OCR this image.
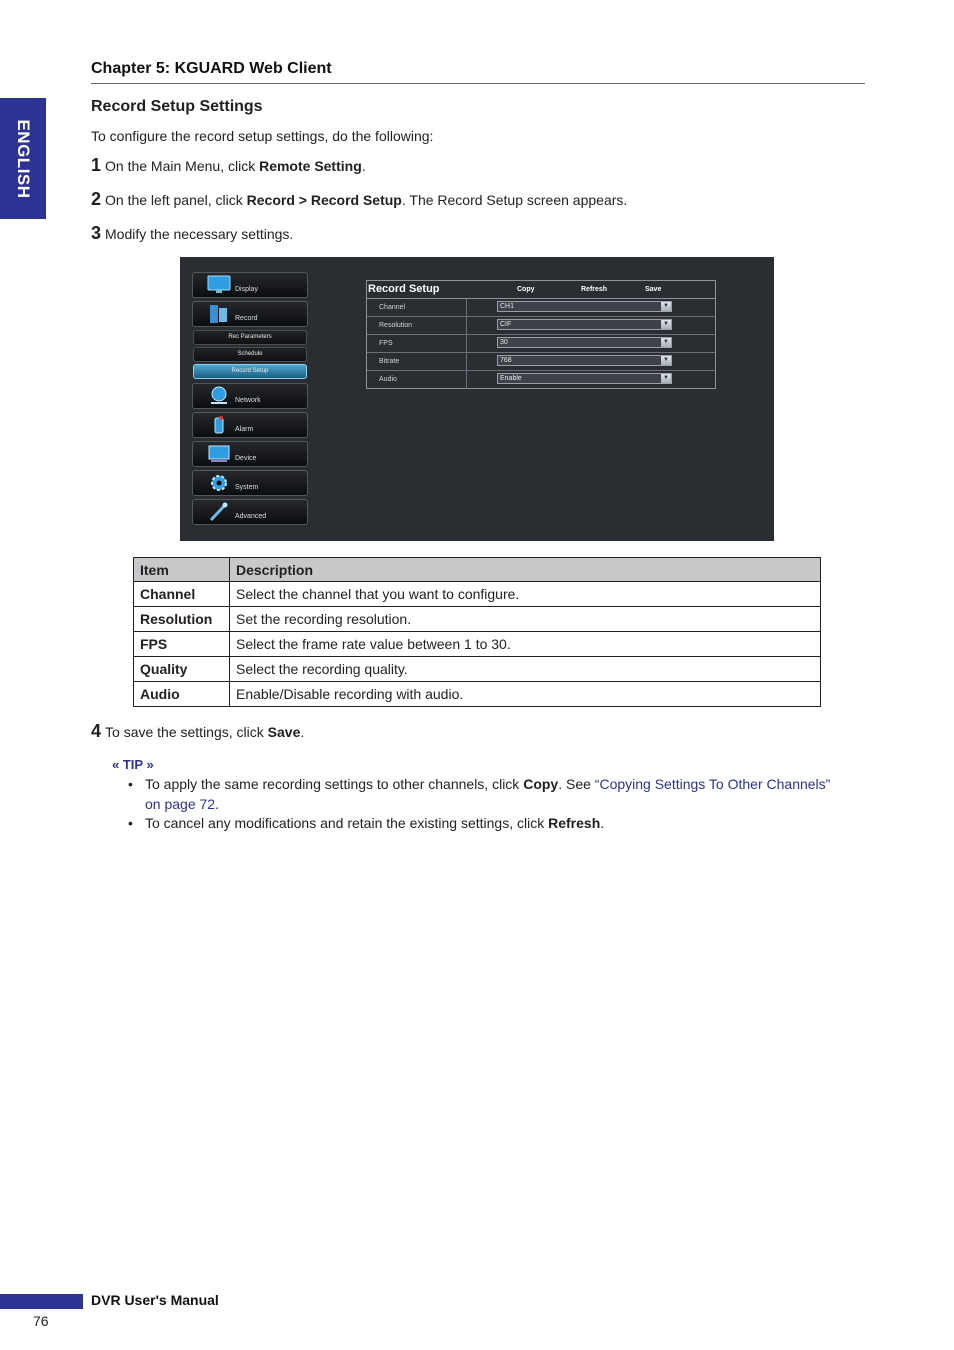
ENGLISH
Chapter 5: KGUARD Web Client
Record Setup Settings
To configure the record setup settings, do the following:
1 On the Main Menu, click Remote Setting.
2 On the left panel, click Record > Record Setup. The Record Setup screen appears.
3 Modify the necessary settings.
Display
Record
Rec Parameters
Schedule
Record Setup
Network
Alarm
Device
System
Advanced
Record Setup	Copy	Refresh	Save
Channel	CH1	▼
Resolution	CIF	▼
FPS	30	▼
Bitrate	768	▼
Audio	Enable	▼
Item	Description
Channel	Select the channel that you want to configure.
Resolution	Set the recording resolution.
FPS	Select the frame rate value between 1 to 30.
Quality	Select the recording quality.
Audio	Enable/Disable recording with audio.
4 To save the settings, click Save.
« TIP »
• To apply the same recording settings to other channels, click Copy. See “Copying Settings To Other Channels”
on page 72.
• To cancel any modifications and retain the existing settings, click Refresh.
DVR User's Manual
76
